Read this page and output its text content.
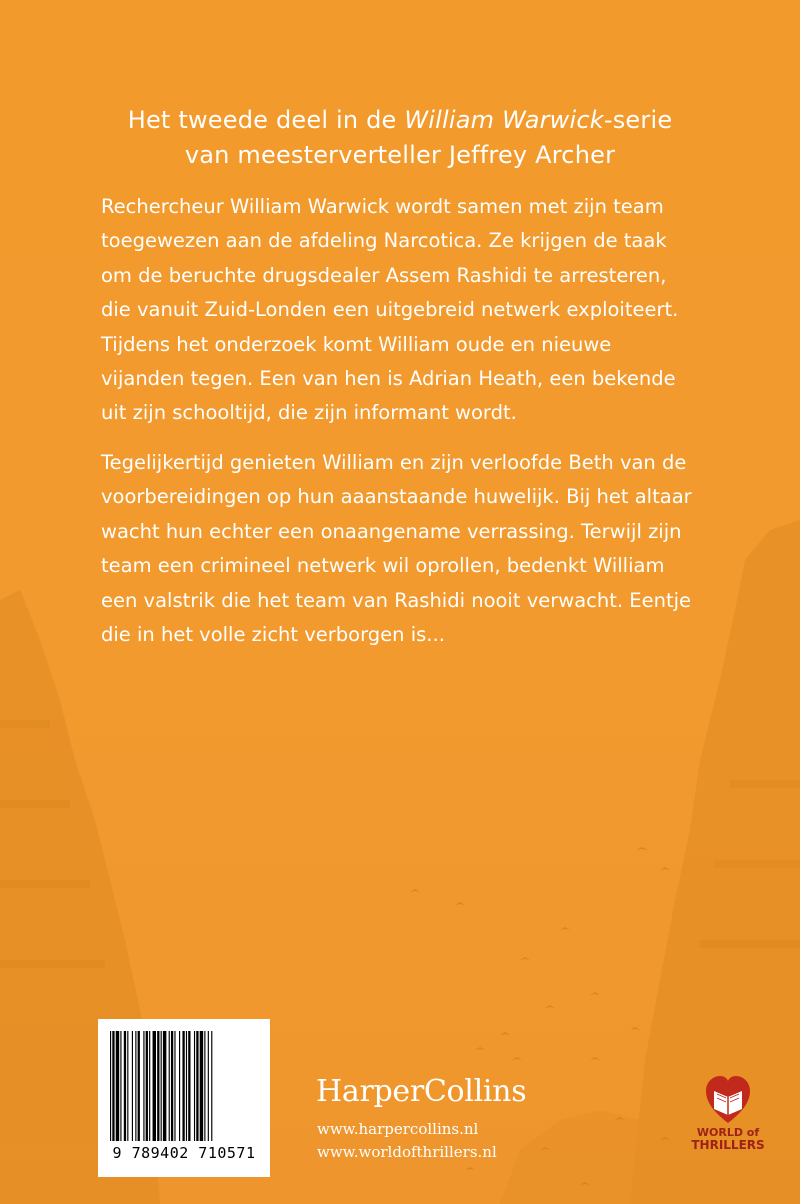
Het tweede deel in de William Warwick-serie
van meesterverteller Jeffrey Archer

Rechercheur William Warwick wordt samen met zijn team
toegewezen aan de afdeling Narcotica. Ze krijgen de taak
om de beruchte drugsdealer Assem Rashidi te arresteren,
die vanuit Zuid-Londen een uitgebreid netwerk exploiteert.
Tijdens het onderzoek komt William oude en nieuwe
vijanden tegen. Een van hen is Adrian Heath, een bekende
uit zijn schooltijd, die zijn informant wordt.

Tegelijkertijd genieten William en zijn verloofde Beth van de
voorbereidingen op hun aaanstaande huwelijk. Bij het altaar
wacht hun echter een onaangename verrassing. Terwijl zijn
team een crimineel netwerk wil oprollen, bedenkt William
een valstrik die het team van Rashidi nooit verwacht. Eentje
die in het volle zicht verborgen is...

9 789402 710571
HarperCollins
www.harpercollins.nl
www.worldofthrillers.nl
WORLD of
THRILLERS
